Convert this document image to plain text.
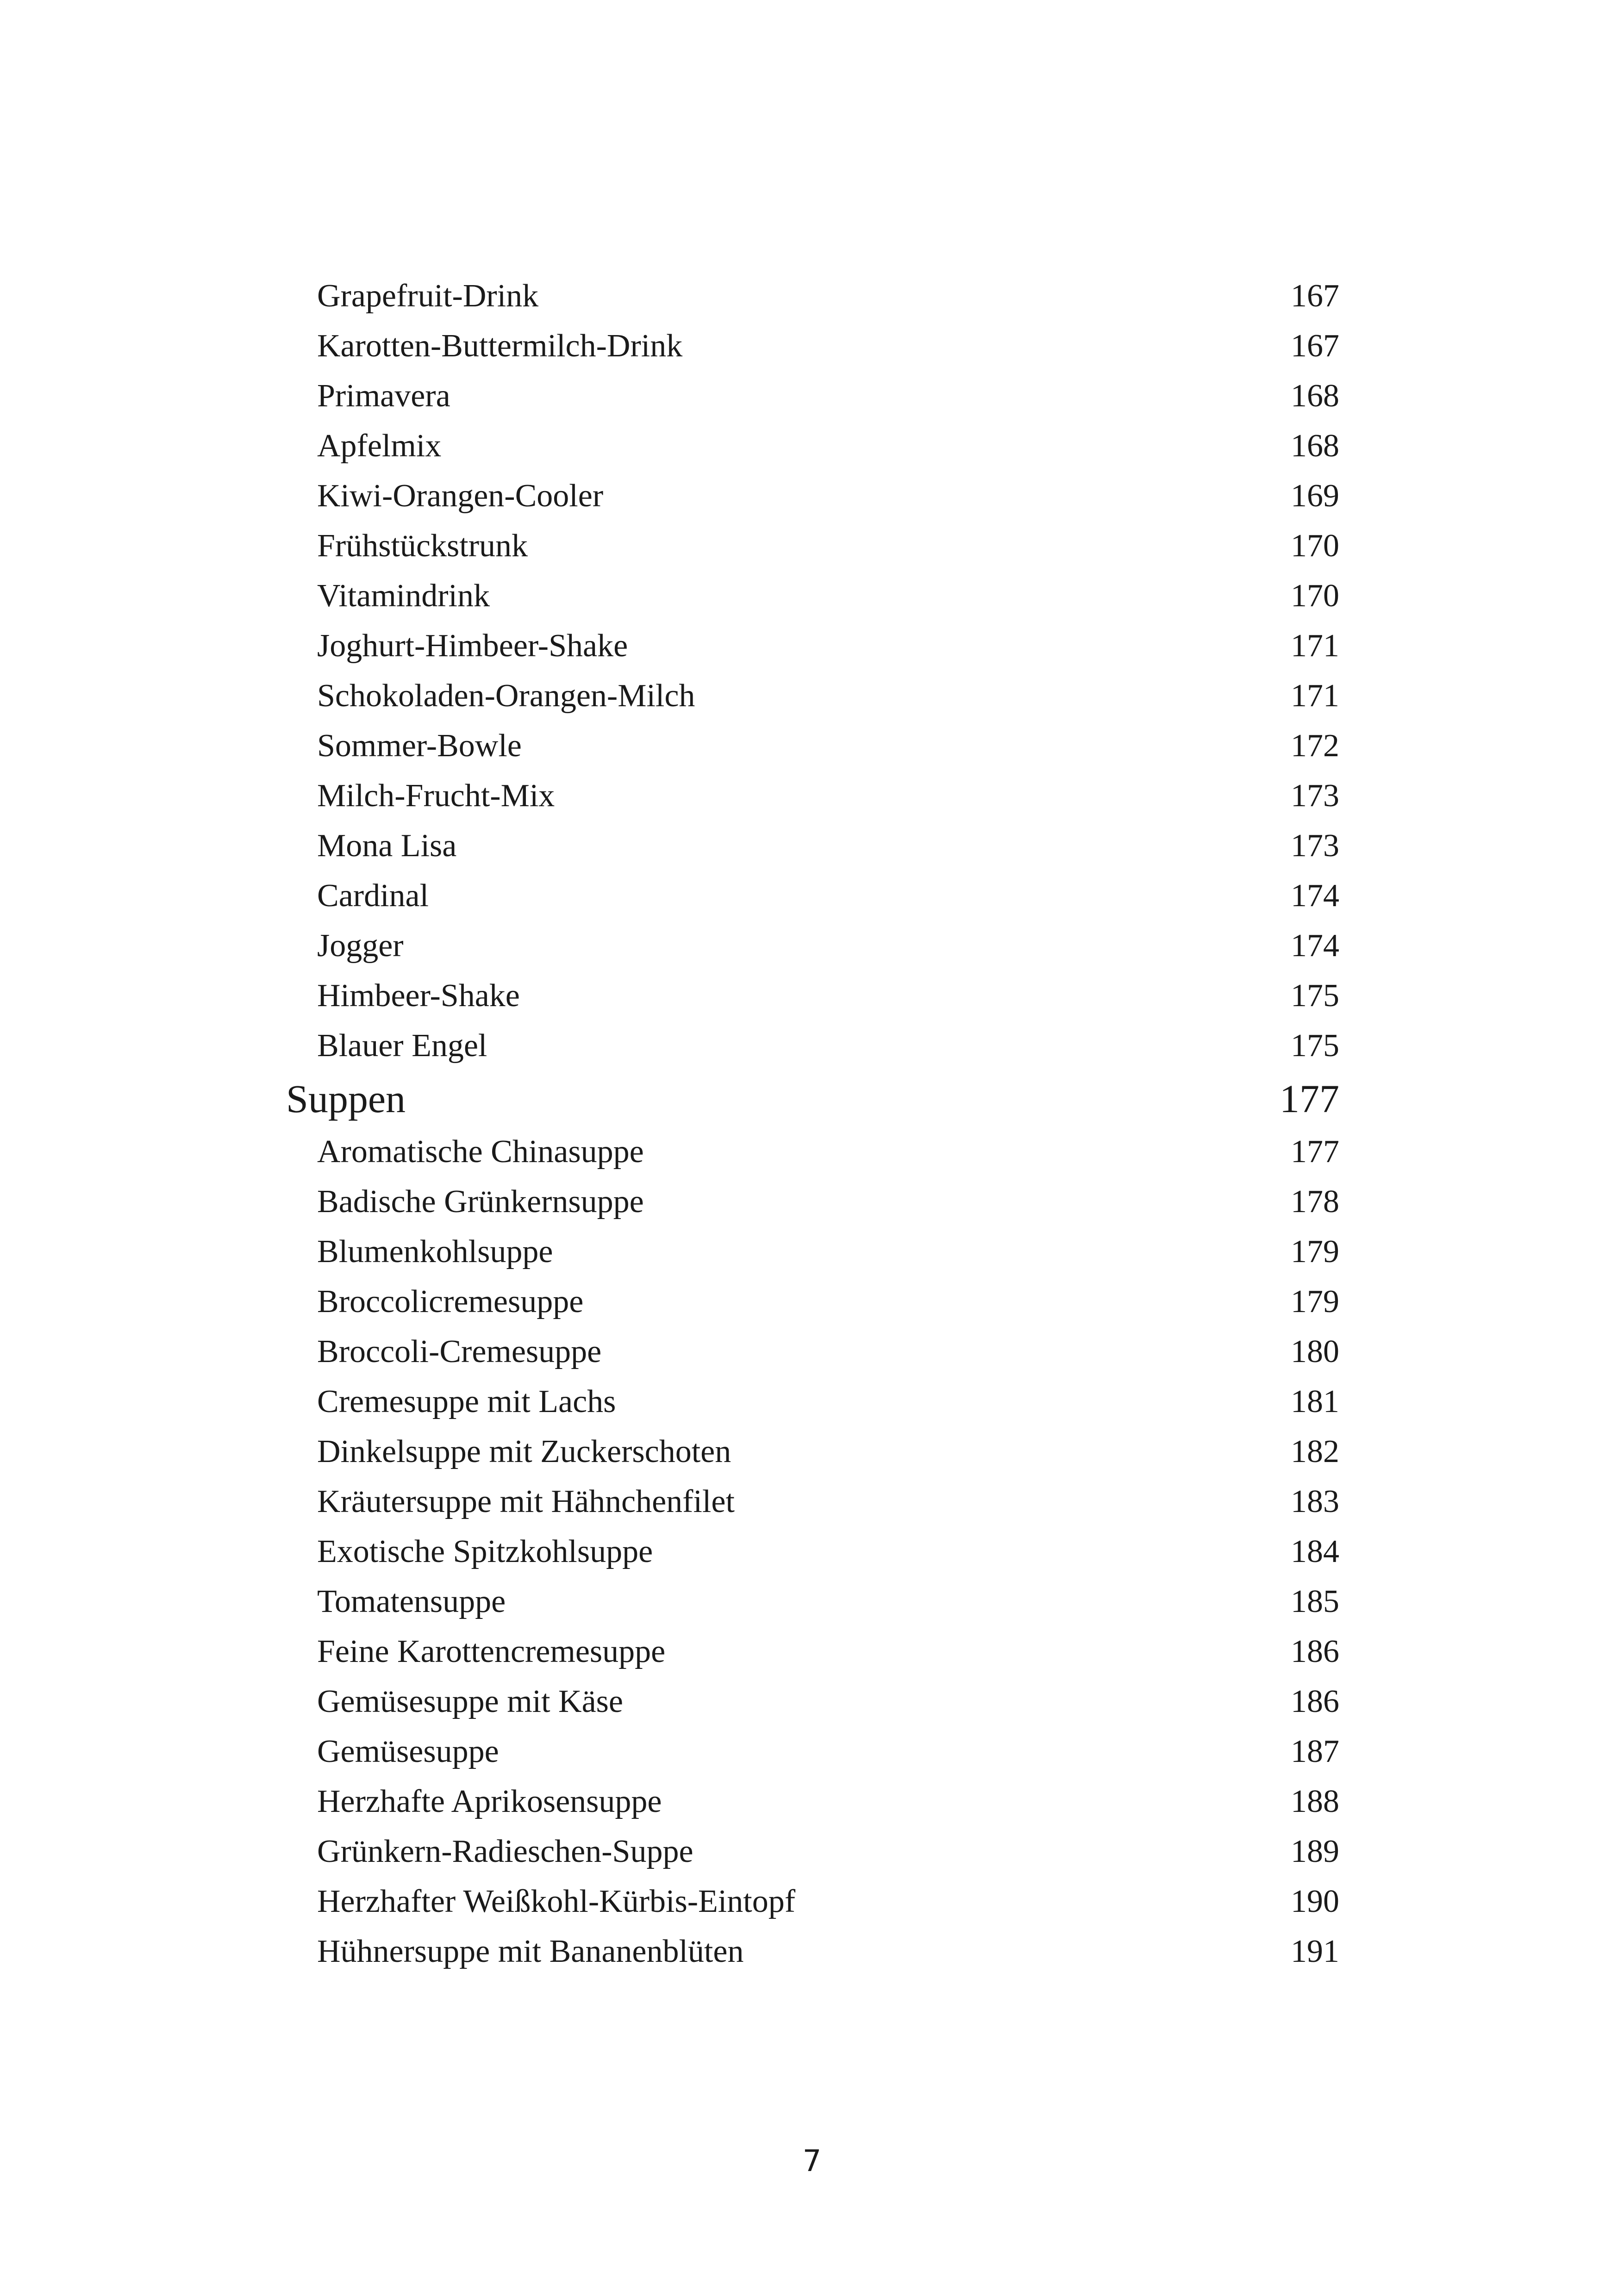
Grapefruit-Drink	167
Karotten-Buttermilch-Drink	167
Primavera	168
Apfelmix	168
Kiwi-Orangen-Cooler	169
Frühstückstrunk	170
Vitamindrink	170
Joghurt-Himbeer-Shake	171
Schokoladen-Orangen-Milch	171
Sommer-Bowle	172
Milch-Frucht-Mix	173
Mona Lisa	173
Cardinal	174
Jogger	174
Himbeer-Shake	175
Blauer Engel	175
Suppen	177
Aromatische Chinasuppe	177
Badische Grünkernsuppe	178
Blumenkohlsuppe	179
Broccolicremesuppe	179
Broccoli-Cremesuppe	180
Cremesuppe mit Lachs	181
Dinkelsuppe mit Zuckerschoten	182
Kräutersuppe mit Hähnchenfilet	183
Exotische Spitzkohlsuppe	184
Tomatensuppe	185
Feine Karottencremesuppe	186
Gemüsesuppe mit Käse	186
Gemüsesuppe	187
Herzhafte Aprikosensuppe	188
Grünkern-Radieschen-Suppe	189
Herzhafter Weißkohl-Kürbis-Eintopf	190
Hühnersuppe mit Bananenblüten	191
7
